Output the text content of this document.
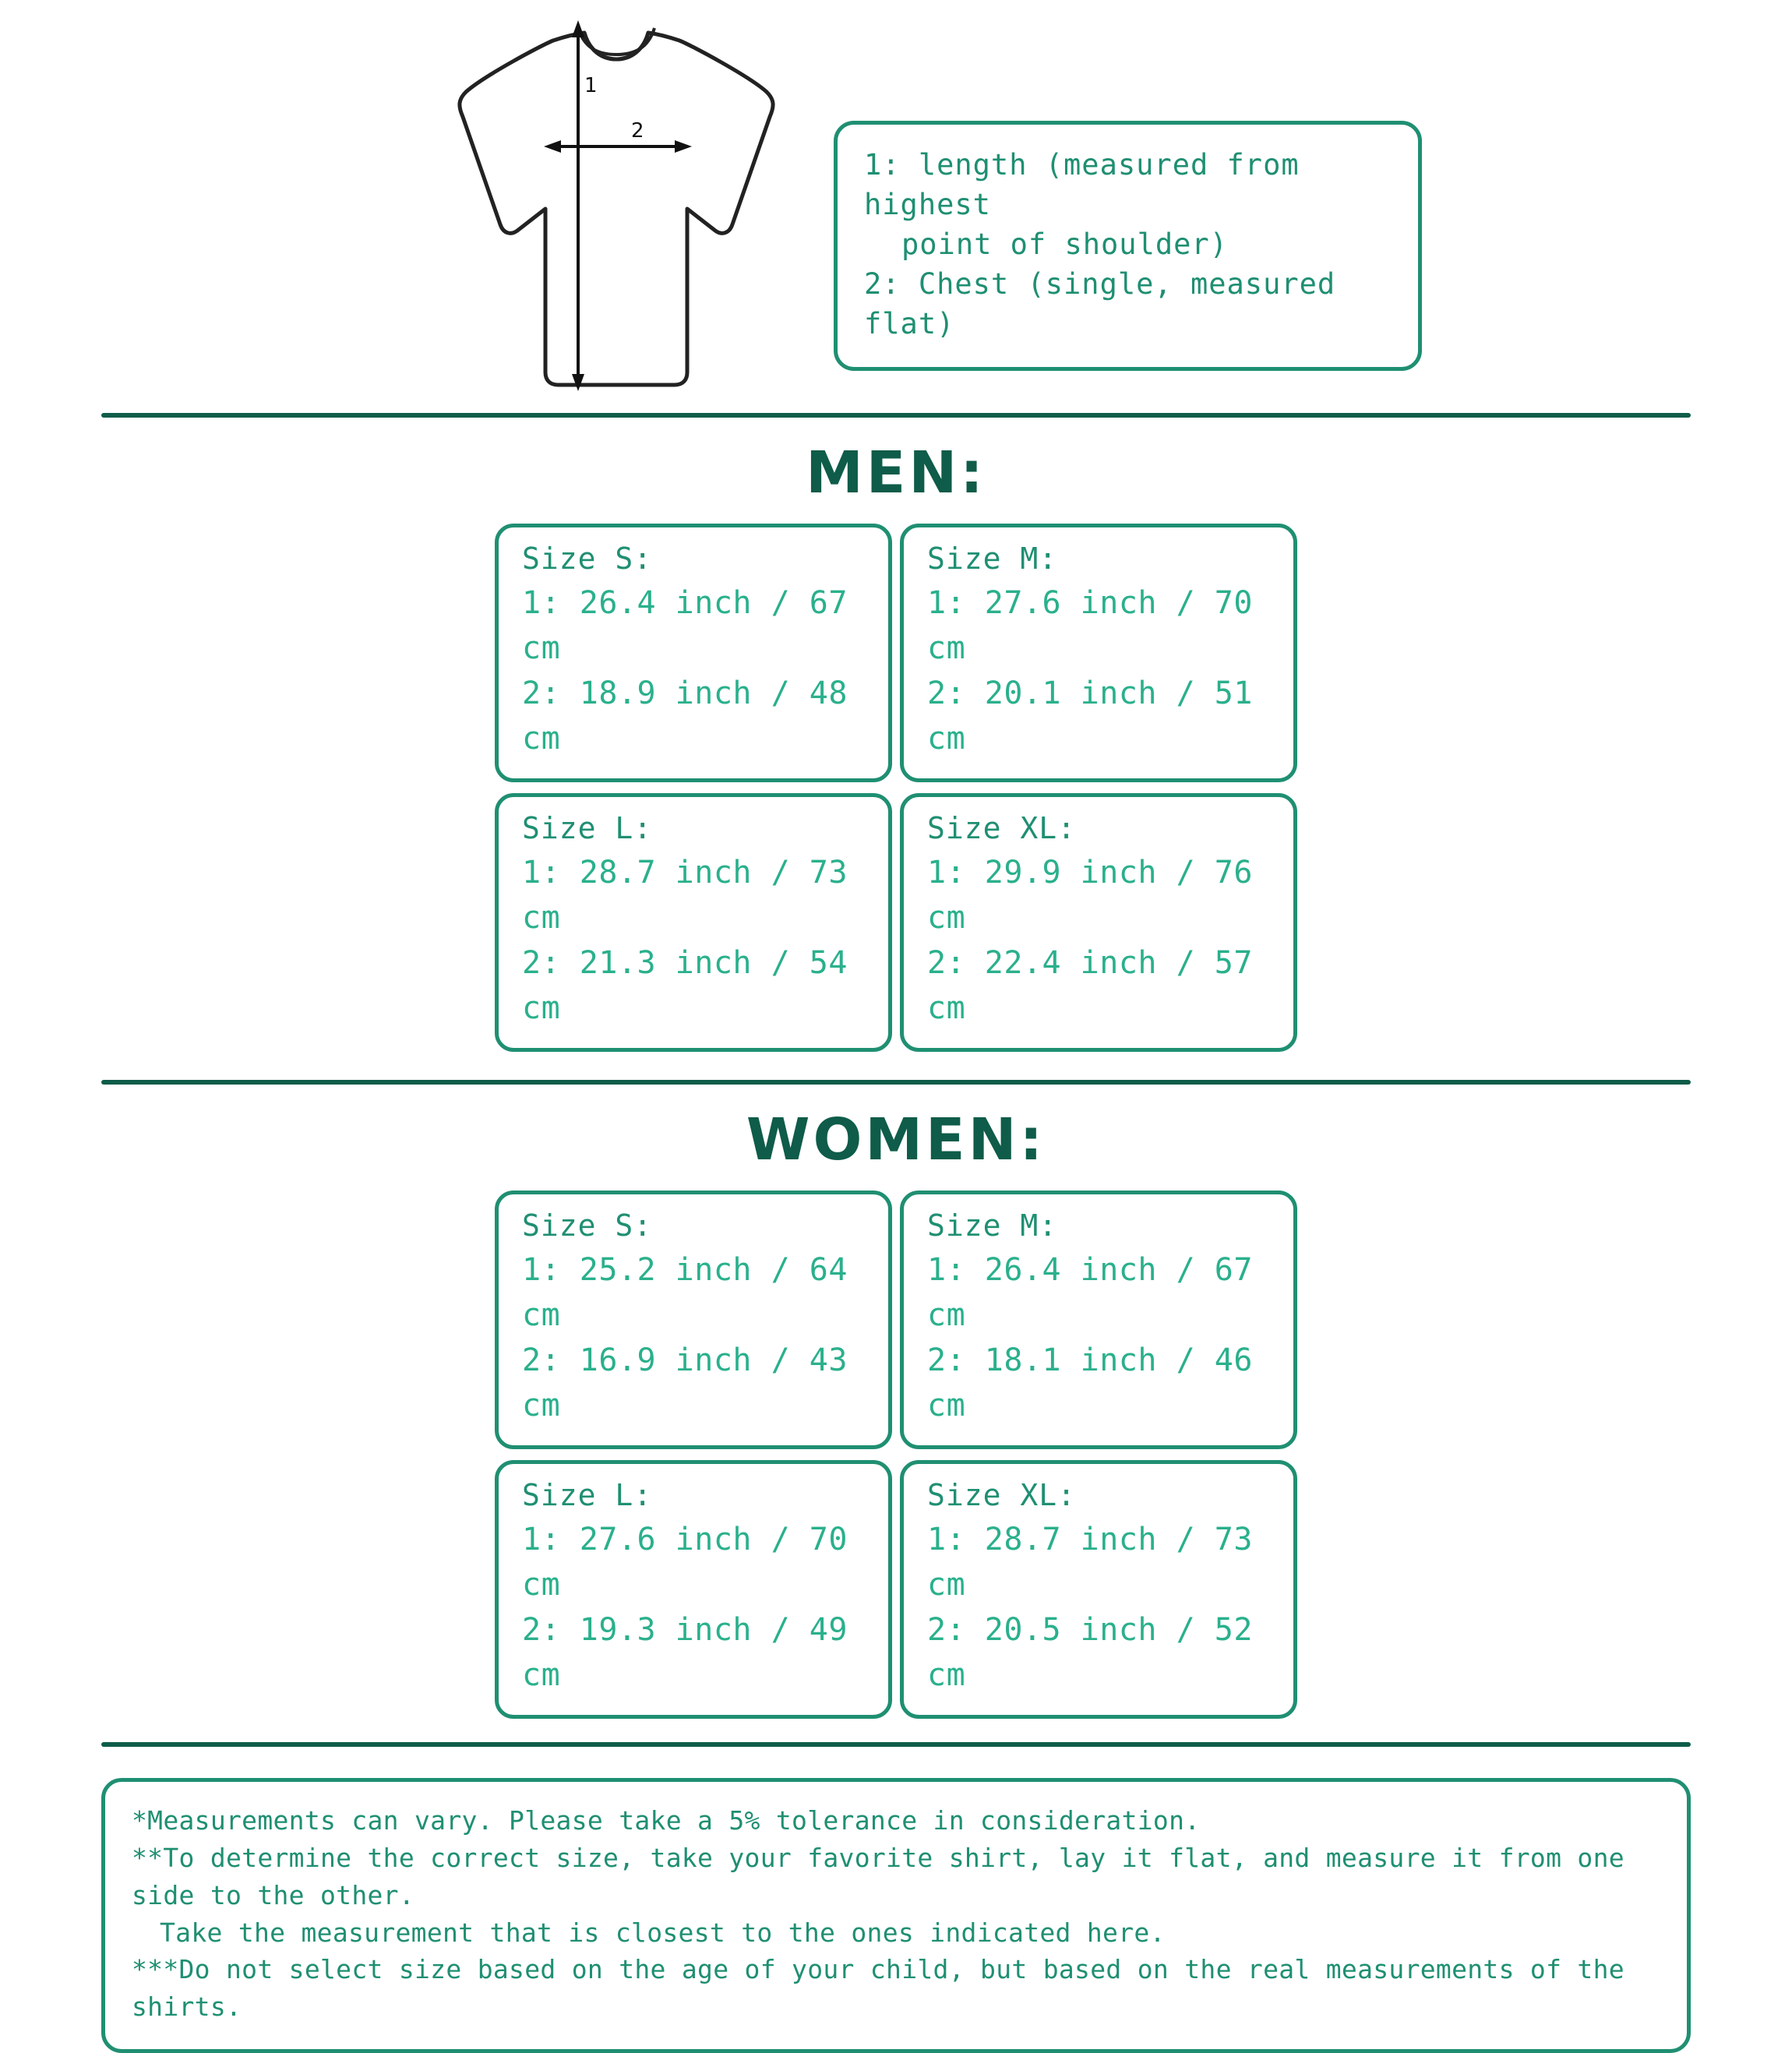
1
2
1: length (measured from highest
point of shoulder)
2: Chest (single, measured flat)
MEN:
Size S:
1: 26.4 inch / 67 cm
2: 18.9 inch / 48 cm
Size M:
1: 27.6 inch / 70 cm
2: 20.1 inch / 51 cm
Size L:
1: 28.7 inch / 73 cm
2: 21.3 inch / 54 cm
Size XL:
1: 29.9 inch / 76 cm
2: 22.4 inch / 57 cm
WOMEN:
Size S:
1: 25.2 inch / 64 cm
2: 16.9 inch / 43 cm
Size M:
1: 26.4 inch / 67 cm
2: 18.1 inch / 46 cm
Size L:
1: 27.6 inch / 70 cm
2: 19.3 inch / 49 cm
Size XL:
1: 28.7 inch / 73 cm
2: 20.5 inch / 52 cm
*Measurements can vary. Please take a 5% tolerance in consideration.
**To determine the correct size, take your favorite shirt, lay it flat, and measure it from one side to the other.
Take the measurement that is closest to the ones indicated here.
***Do not select size based on the age of your child, but based on the real measurements of the shirts.
